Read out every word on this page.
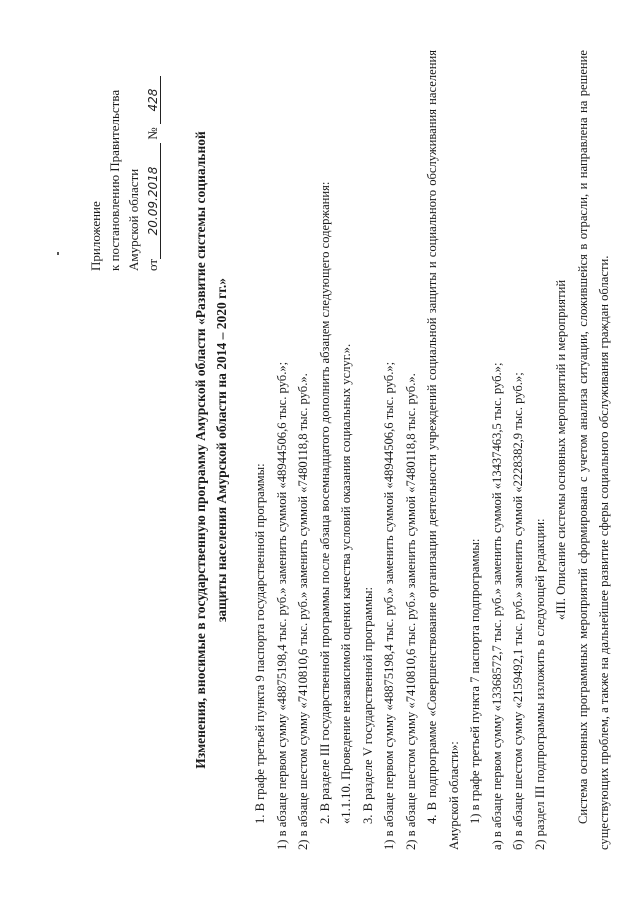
Приложение к постановлению Правительства Амурской области от20.09.2018 № 428
Изменения, вносимые в государственную программу Амурской области «Развитие системы социальной защиты населения Амурской области на 2014 – 2020 гг.»

1. В графе третьей пункта 9 паспорта государственной программы: 1) в абзаце первом сумму «48875198,4 тыс. руб.» заменить суммой «48944506,6 тыс. руб.»; 2) в абзаце шестом сумму «7410810,6 тыс. руб.» заменить суммой «7480118,8 тыс. руб.». 2. В разделе III государственной программы после абзаца восемнадцатого дополнить абзацем следующего содержания: «1.1.10. Проведение независимой оценки качества условий оказания социальных услуг.». 3. В разделе V государственной программы: 1) в абзаце первом сумму «48875198,4 тыс. руб.» заменить суммой «48944506,6 тыс. руб.»; 2) в абзаце шестом сумму «7410810,6 тыс. руб.» заменить суммой «7480118,8 тыс. руб.». 4. В подпрограмме «Совершенствование организации деятельности учреждений социальной защиты и социального обслуживания населения Амурской области»: 1) в графе третьей пункта 7 паспорта подпрограммы: а) в абзаце первом сумму «13368572,7 тыс. руб.» заменить суммой «13437463,5 тыс. руб.»; б) в абзаце шестом сумму «2159492,1 тыс. руб.» заменить суммой «2228382,9 тыс. руб.»; 2) раздел III подпрограммы изложить в следующей редакции:

«III. Описание системы основных мероприятий и мероприятий Система основных программных мероприятий сформирована с учетом анализа ситуации, сложившейся в отрасли, и направлена на решение существующих проблем, а также на дальнейшее развитие сферы социального обслуживания граждан области.
